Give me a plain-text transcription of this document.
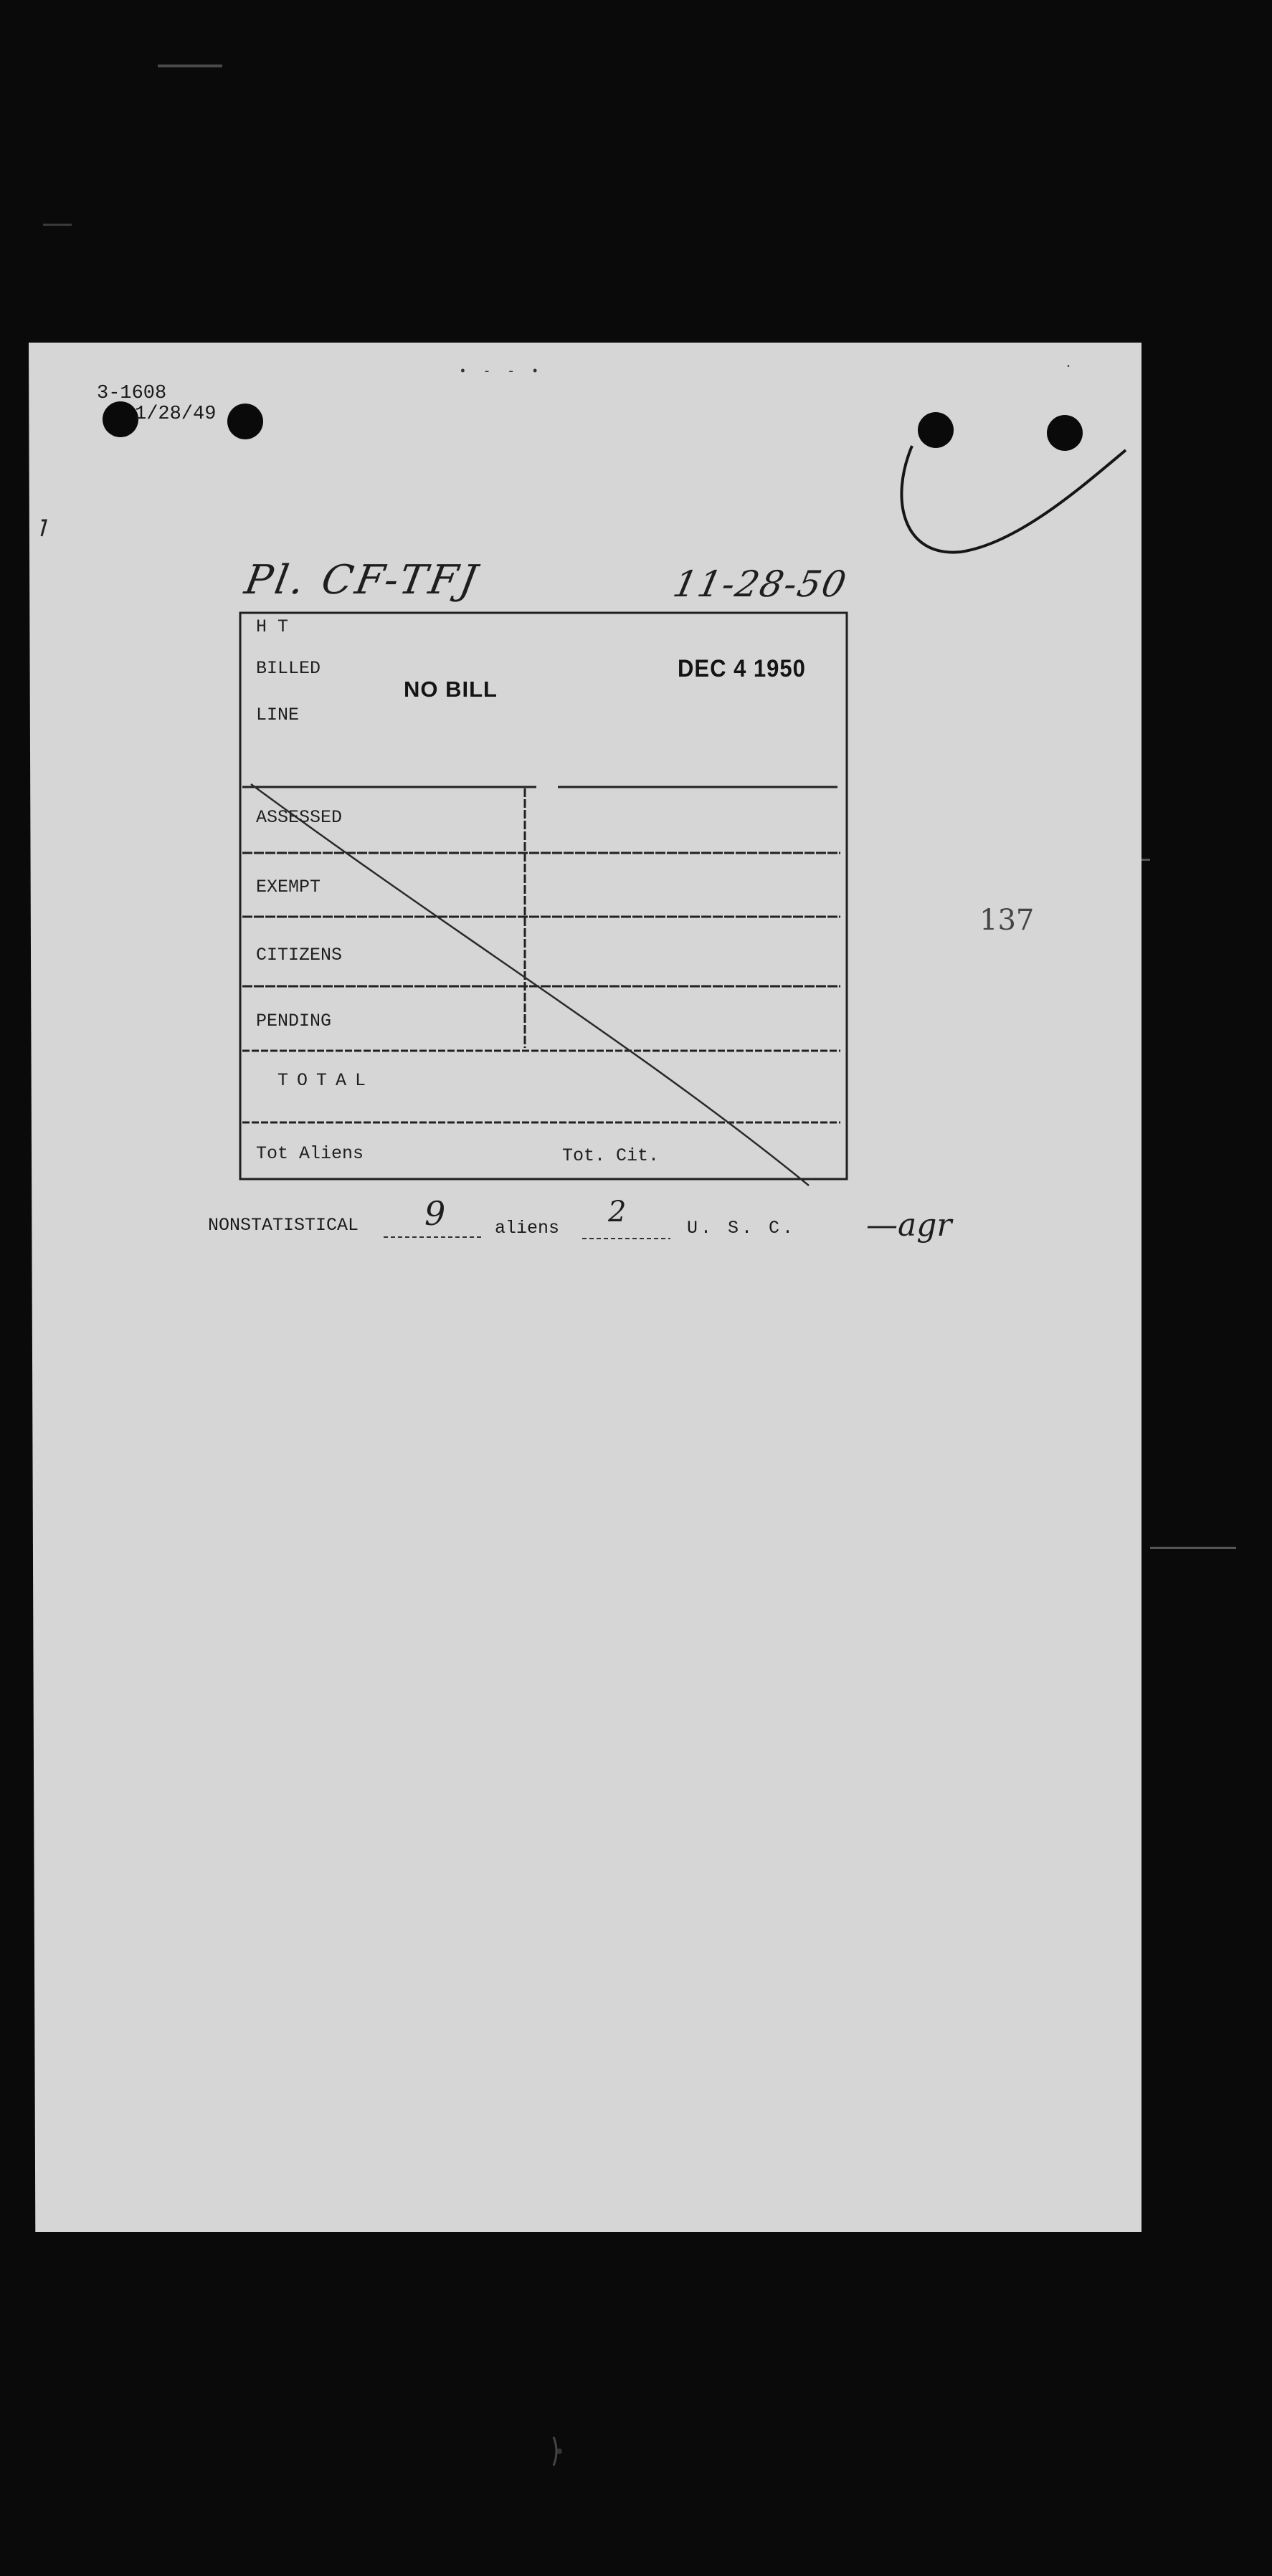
3-1608
1/28/49
• ‐ ‐ •	·
Pl. CF-TFJ	11-28-50
H T
BILLED
LINE
NO BILL
DEC 4 1950
ASSESSED
EXEMPT
CITIZENS
PENDING
TOTAL
Tot Aliens	Tot. Cit.
NONSTATISTICAL 9	aliens 2	U. S. C. —agr
137
